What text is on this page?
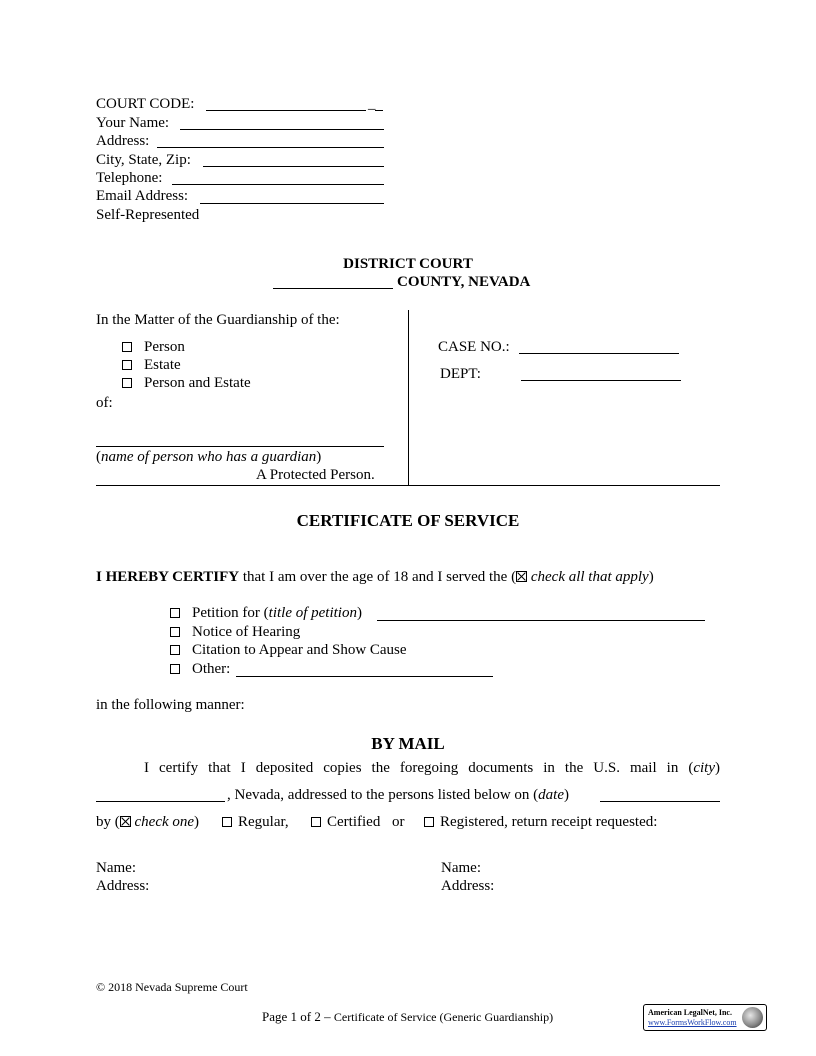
COURT CODE:	_
Your Name:
Address:
City, State, Zip:
Telephone:
Email Address:
Self-Represented
DISTRICT COURT
COUNTY, NEVADA
In the Matter of the Guardianship of the:
Person
Estate
Person and Estate
of:
(name of person who has a guardian)
A Protected Person.
CASE NO.:
DEPT:
CERTIFICATE OF SERVICE
I HEREBY CERTIFY that I am over the age of 18 and I served the ( check all that apply)
Petition for (title of petition)
Notice of Hearing
Citation to Appear and Show Cause
Other:
in the following manner:
BY MAIL
I certify that I deposited copies the foregoing documents in the U.S. mail in (city)
, Nevada, addressed to the persons listed below on (date)
by ( check one)	Regular,	Certified or	Registered, return receipt requested:
Name:
Address:
Name:
Address:
© 2018 Nevada Supreme Court
Page 1 of 2 – Certificate of Service (Generic Guardianship)	American LegalNet, Inc.
www.FormsWorkFlow.com
